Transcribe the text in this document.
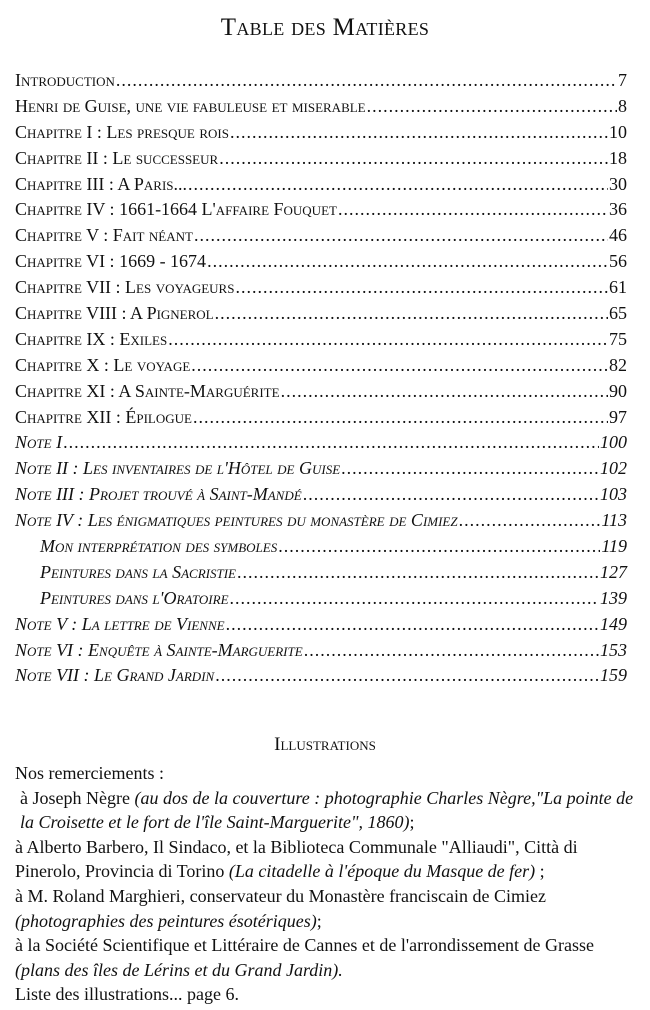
Table des Matières
Introduction .....	7
Henri de Guise, une vie fabuleuse et miserable .....	8
Chapitre I : Les presque rois .....	10
Chapitre II : Le successeur .....	18
Chapitre III : A Paris... .....	30
Chapitre IV : 1661-1664 L'affaire Fouquet .....	36
Chapitre V : Fait néant .....	46
Chapitre VI : 1669 - 1674 .....	56
Chapitre VII : Les voyageurs .....	61
Chapitre VIII : A Pignerol .....	65
Chapitre IX : Exiles .....	75
Chapitre X : Le voyage .....	82
Chapitre XI : A Sainte-Marguérite .....	90
Chapitre XII : Épilogue .....	97
Note I .....	100
Note II : Les inventaires de l'Hôtel de Guise .....	102
Note III : Projet trouvé à Saint-Mandé .....	103
Note IV : Les énigmatiques peintures du monastère de Cimiez .....	113
Mon interprétation des symboles .....	119
Peintures dans la Sacristie .....	127
Peintures dans l'Oratoire .....	139
Note V : La lettre de Vienne .....	149
Note VI : Enquête à Sainte-Marguerite .....	153
Note VII : Le Grand Jardin .....	159
Illustrations

Nos remerciements :

à Joseph Nègre (au dos de la couverture : photographie Charles Nègre,"La pointe de la Croisette et le fort de l'île Saint-Marguerite", 1860);

à Alberto Barbero, Il Sindaco, et la Biblioteca Communale "Alliaudi", Città di Pinerolo, Provincia di Torino (La citadelle à l'époque du Masque de fer) ;

à M. Roland Marghieri, conservateur du Monastère franciscain de Cimiez (photographies des peintures ésotériques);

à la Société Scientifique et Littéraire de Cannes et de l'arrondissement de Grasse (plans des îles de Lérins et du Grand Jardin).

Liste des illustrations... page 6.
